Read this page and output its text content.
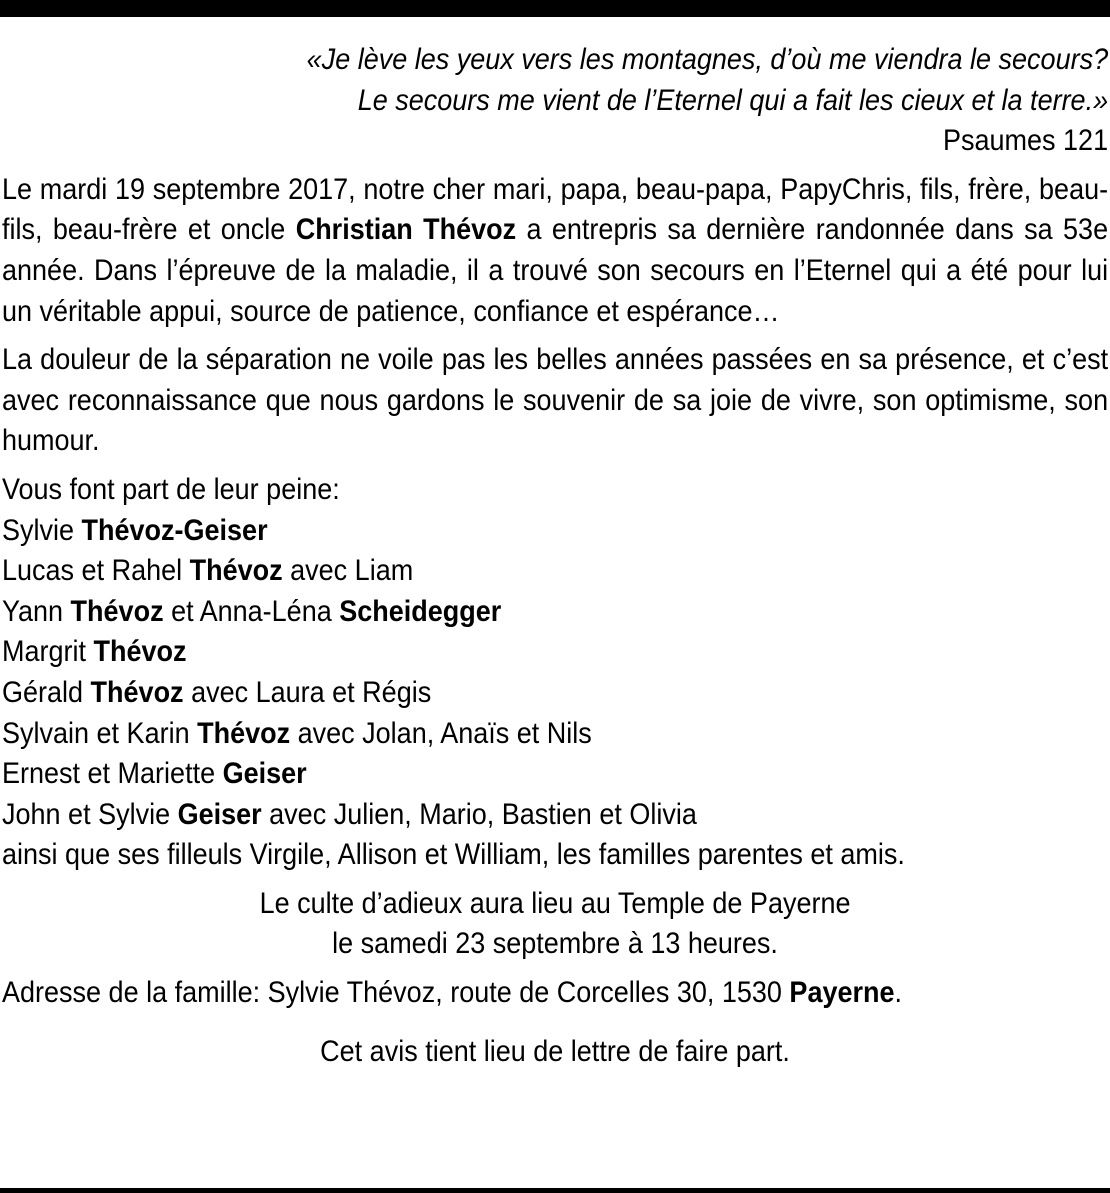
«Je lève les yeux vers les montagnes, d’où me viendra le secours?

Le secours me vient de l’Eternel qui a fait les cieux et la terre.»

Psaumes 121

Le mardi 19 septembre 2017, notre cher mari, papa, beau-papa, PapyChris, fils, frère, beau-fils, beau-frère et oncle Christian Thévoz a entrepris sa dernière randonnée dans sa 53e année. Dans l’épreuve de la maladie, il a trouvé son secours en l’Eternel qui a été pour lui un véritable appui, source de patience, confiance et espérance…

La douleur de la séparation ne voile pas les belles années passées en sa présence, et c’est avec reconnaissance que nous gardons le souvenir de sa joie de vivre, son optimisme, son humour.

Vous font part de leur peine:

Sylvie Thévoz-Geiser

Lucas et Rahel Thévoz avec Liam

Yann Thévoz et Anna-Léna Scheidegger

Margrit Thévoz

Gérald Thévoz avec Laura et Régis

Sylvain et Karin Thévoz avec Jolan, Anaïs et Nils

Ernest et Mariette Geiser

John et Sylvie Geiser avec Julien, Mario, Bastien et Olivia

ainsi que ses filleuls Virgile, Allison et William, les familles parentes et amis.

Le culte d’adieux aura lieu au Temple de Payerne

le samedi 23 septembre à 13 heures.

Adresse de la famille: Sylvie Thévoz, route de Corcelles 30, 1530 Payerne.

Cet avis tient lieu de lettre de faire part.
